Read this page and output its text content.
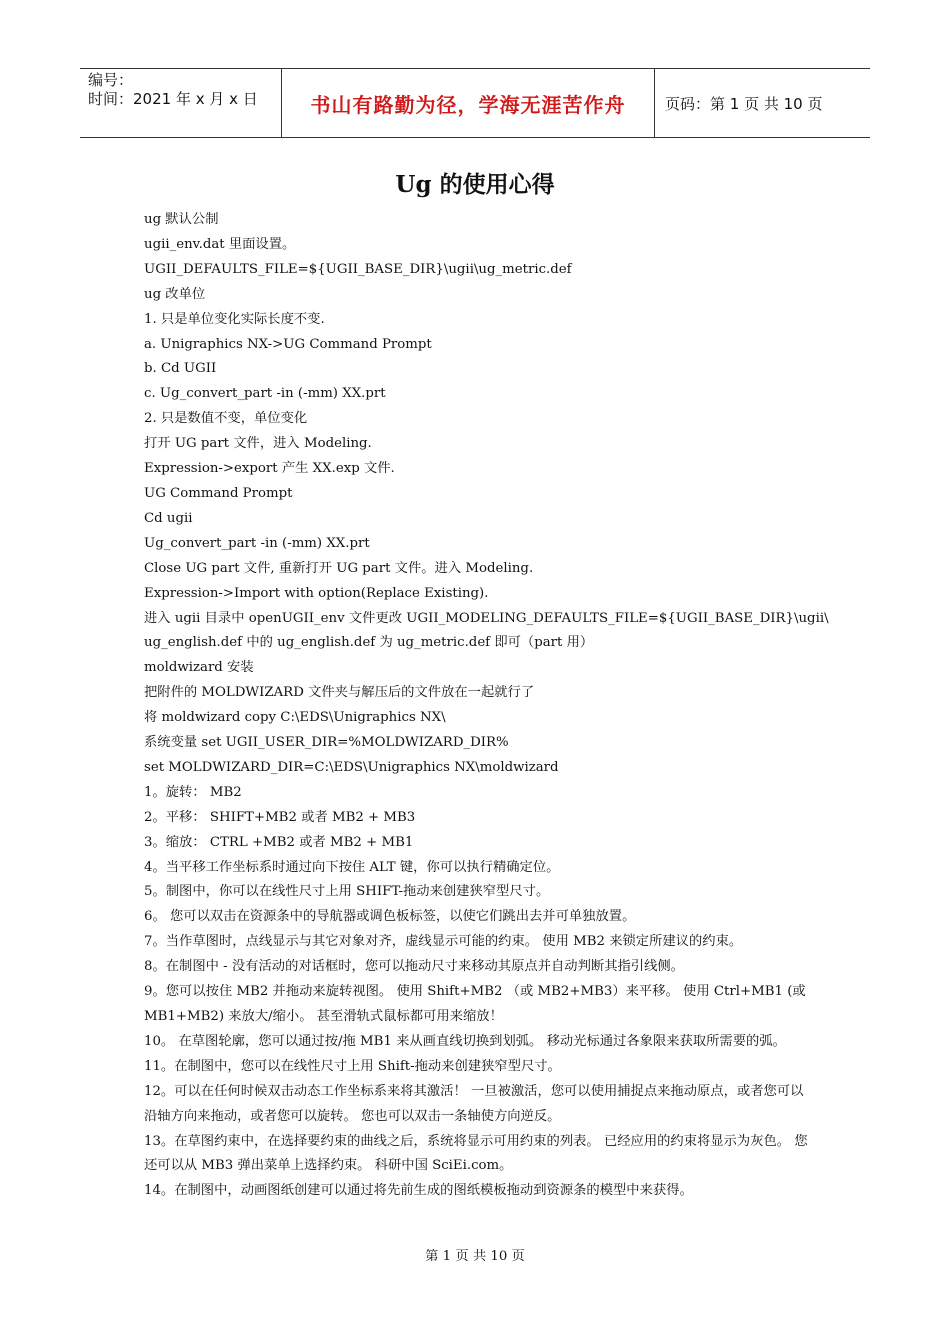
编号：
时间：2021 年 x 月 x 日	书山有路勤为径，学海无涯苦作舟	页码：第 1 页 共 10 页
Ug 的使用心得
ug 默认公制
ugii_env.dat 里面设置。
UGII_DEFAULTS_FILE=${UGII_BASE_DIR}\ugii\ug_metric.def
ug 改单位
1. 只是单位变化实际长度不变.
a. Unigraphics NX->UG Command Prompt
b. Cd UGII
c. Ug_convert_part -in (-mm) XX.prt
2. 只是数值不变，单位变化
打开 UG part 文件，进入 Modeling.
Expression->export 产生 XX.exp 文件.
UG Command Prompt
Cd ugii
Ug_convert_part -in (-mm) XX.prt
Close UG part 文件, 重新打开 UG part 文件。进入 Modeling.
Expression->Import with option(Replace Existing).
进入 ugii 目录中 openUGII_env 文件更改 UGII_MODELING_DEFAULTS_FILE=${UGII_BASE_DIR}\ugii\
ug_english.def 中的 ug_english.def 为 ug_metric.def 即可（part 用）
moldwizard 安装
把附件的 MOLDWIZARD 文件夹与解压后的文件放在一起就行了
将 moldwizard copy C:\EDS\Unigraphics NX\
系统变量 set UGII_USER_DIR=%MOLDWIZARD_DIR%
set MOLDWIZARD_DIR=C:\EDS\Unigraphics NX\moldwizard
1。旋转： MB2
2。平移： SHIFT+MB2 或者 MB2 + MB3
3。缩放： CTRL +MB2 或者 MB2 + MB1
4。当平移工作坐标系时通过向下按住 ALT 键，你可以执行精确定位。
5。制图中，你可以在线性尺寸上用 SHIFT-拖动来创建狭窄型尺寸。
6。 您可以双击在资源条中的导航器或调色板标签，以使它们跳出去并可单独放置。
7。当作草图时，点线显示与其它对象对齐，虚线显示可能的约束。 使用 MB2 来锁定所建议的约束。
8。在制图中 - 没有活动的对话框时，您可以拖动尺寸来移动其原点并自动判断其指引线侧。
9。您可以按住 MB2 并拖动来旋转视图。 使用 Shift+MB2 （或 MB2+MB3）来平移。 使用 Ctrl+MB1 (或 MB1+MB2) 来放大/缩小。 甚至滑轨式鼠标都可用来缩放！
10。 在草图轮廓，您可以通过按/拖 MB1 来从画直线切换到划弧。 移动光标通过各象限来获取所需要的弧。
11。在制图中，您可以在线性尺寸上用 Shift-拖动来创建狭窄型尺寸。
12。可以在任何时候双击动态工作坐标系来将其激活！ 一旦被激活，您可以使用捕捉点来拖动原点，或者您可以沿轴方向来拖动，或者您可以旋转。 您也可以双击一条轴使方向逆反。
13。在草图约束中，在选择要约束的曲线之后，系统将显示可用约束的列表。 已经应用的约束将显示为灰色。 您还可以从 MB3 弹出菜单上选择约束。 科研中国 SciEi.com。
14。在制图中，动画图纸创建可以通过将先前生成的图纸模板拖动到资源条的模型中来获得。
第 1 页 共 10 页
